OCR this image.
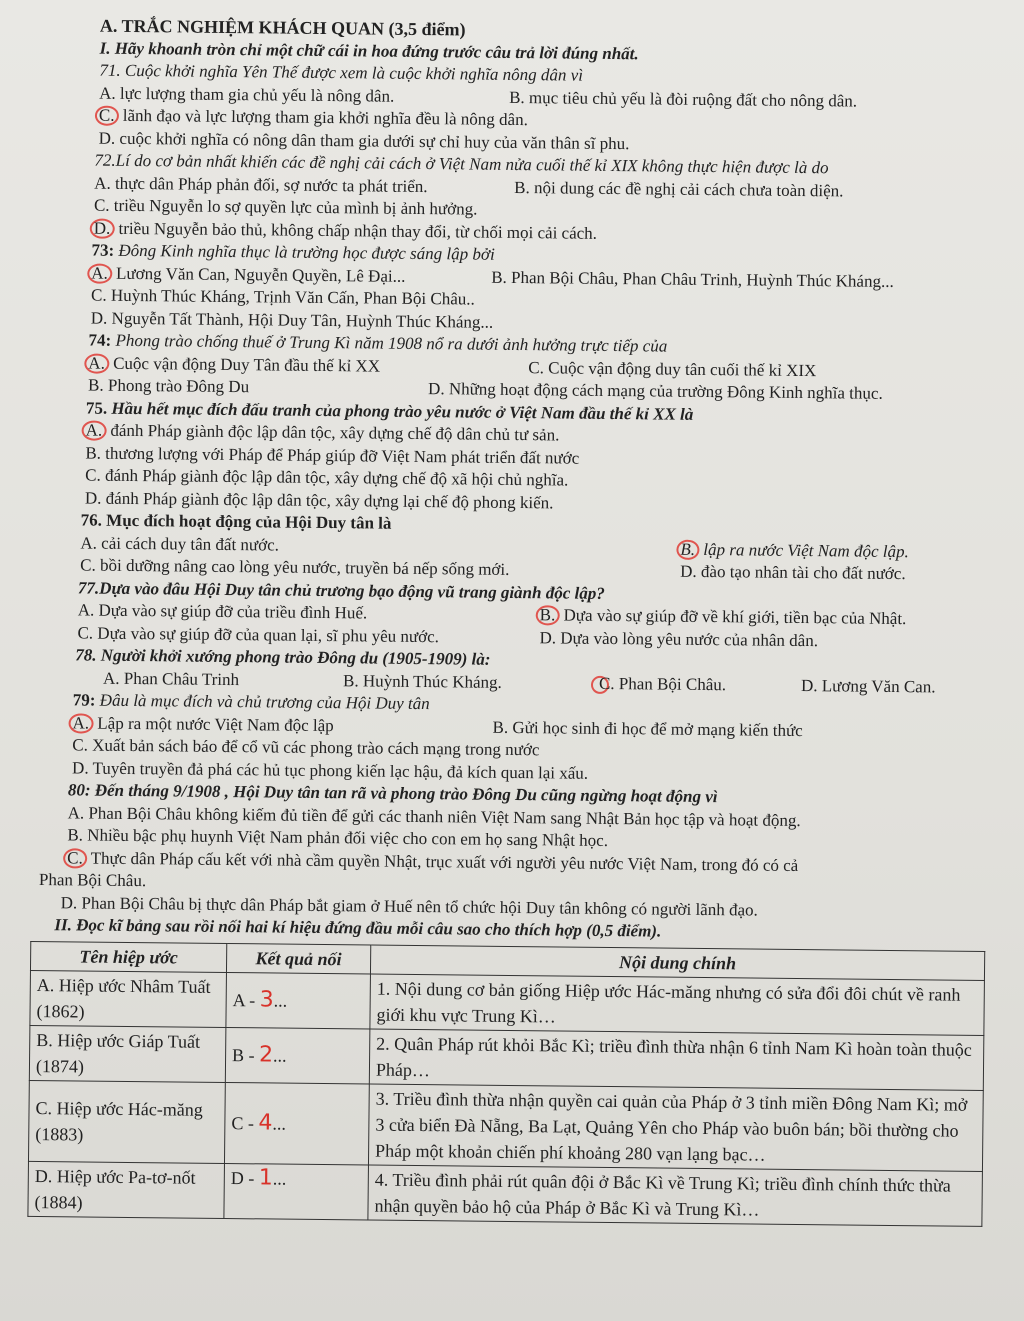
A. TRẮC NGHIỆM KHÁCH QUAN (3,5 điểm)
I. Hãy khoanh tròn chỉ một chữ cái in hoa đứng trước câu trả lời đúng nhất.
71. Cuộc khởi nghĩa Yên Thế được xem là cuộc khởi nghĩa nông dân vì
A. lực lượng tham gia chủ yếu là nông dân.	B. mục tiêu chủ yếu là đòi ruộng đất cho nông dân.
C. lãnh đạo và lực lượng tham gia khởi nghĩa đều là nông dân.
D. cuộc khởi nghĩa có nông dân tham gia dưới sự chỉ huy của văn thân sĩ phu.
72.Lí do cơ bản nhất khiến các đề nghị cải cách ở Việt Nam nửa cuối thế kỉ XIX không thực hiện được là do
A. thực dân Pháp phản đối, sợ nước ta phát triển.	B. nội dung các đề nghị cải cách chưa toàn diện.
C. triều Nguyễn lo sợ quyền lực của mình bị ảnh hưởng.
D. triều Nguyễn bảo thủ, không chấp nhận thay đổi, từ chối mọi cải cách.
73: Đông Kinh nghĩa thục là trường học được sáng lập bởi
A. Lương Văn Can, Nguyễn Quyền, Lê Đại...	B. Phan Bội Châu, Phan Châu Trinh, Huỳnh Thúc Kháng...
C. Huỳnh Thúc Kháng, Trịnh Văn Cấn, Phan Bội Châu..
D. Nguyễn Tất Thành, Hội Duy Tân, Huỳnh Thúc Kháng...
74: Phong trào chống thuế ở Trung Kì năm 1908 nổ ra dưới ảnh hưởng trực tiếp của
A. Cuộc vận động Duy Tân đầu thế kỉ XX	C. Cuộc vận động duy tân cuối thế kỉ XIX
B. Phong trào Đông Du	D. Những hoạt động cách mạng của trường Đông Kinh nghĩa thục.
75. Hầu hết mục đích đấu tranh của phong trào yêu nước ở Việt Nam đầu thế kỉ XX là
A. đánh Pháp giành độc lập dân tộc, xây dựng chế độ dân chủ tư sản.
B. thương lượng với Pháp để Pháp giúp đỡ Việt Nam phát triển đất nước
C. đánh Pháp giành độc lập dân tộc, xây dựng chế độ xã hội chủ nghĩa.
D. đánh Pháp giành độc lập dân tộc, xây dựng lại chế độ phong kiến.
76. Mục đích hoạt động của Hội Duy tân là
A. cải cách duy tân đất nước.	B. lập ra nước Việt Nam độc lập.
C. bồi dưỡng nâng cao lòng yêu nước, truyền bá nếp sống mới.	D. đào tạo nhân tài cho đất nước.
77.Dựa vào đâu Hội Duy tân chủ trương bạo động vũ trang giành độc lập?
A. Dựa vào sự giúp đỡ của triều đình Huế.	B. Dựa vào sự giúp đỡ về khí giới, tiền bạc của Nhật.
C. Dựa vào sự giúp đỡ của quan lại, sĩ phu yêu nước.	D. Dựa vào lòng yêu nước của nhân dân.
78. Người khởi xướng phong trào Đông du (1905-1909) là:
A. Phan Châu Trinh	B. Huỳnh Thúc Kháng.	C. Phan Bội Châu.	D. Lương Văn Can.
79: Đâu là mục đích và chủ trương của Hội Duy tân
A. Lập ra một nước Việt Nam độc lập	B. Gửi học sinh đi học để mở mạng kiến thức
C. Xuất bản sách báo để cổ vũ các phong trào cách mạng trong nước
D. Tuyên truyền đả phá các hủ tục phong kiến lạc hậu, đả kích quan lại xấu.
80: Đến tháng 9/1908 , Hội Duy tân tan rã và phong trào Đông Du cũng ngừng hoạt động vì
A. Phan Bội Châu không kiếm đủ tiền để gửi các thanh niên Việt Nam sang Nhật Bản học tập và hoạt động.
B. Nhiều bậc phụ huynh Việt Nam phản đối việc cho con em họ sang Nhật học.
C. Thực dân Pháp cấu kết với nhà cầm quyền Nhật, trục xuất với người yêu nước Việt Nam, trong đó có cả
Phan Bội Châu.
D. Phan Bội Châu bị thực dân Pháp bắt giam ở Huế nên tổ chức hội Duy tân không có người lãnh đạo.
II. Đọc kĩ bảng sau rồi nối hai kí hiệu đứng đầu mỗi câu sao cho thích hợp (0,5 điểm).
Tên hiệp ước	Kết quả nối	Nội dung chính
A. Hiệp ước Nhâm Tuất (1862)	A - 3...	1. Nội dung cơ bản giống Hiệp ước Hác-măng nhưng có sửa đổi đôi chút về ranh giới khu vực Trung Kì…
B. Hiệp ước Giáp Tuất (1874)	B - 2...	2. Quân Pháp rút khỏi Bắc Kì; triều đình thừa nhận 6 tỉnh Nam Kì hoàn toàn thuộc Pháp…
C. Hiệp ước Hác-măng (1883)	C - 4...	3. Triều đình thừa nhận quyền cai quản của Pháp ở 3 tỉnh miền Đông Nam Kì; mở 3 cửa biển Đà Nẵng, Ba Lạt, Quảng Yên cho Pháp vào buôn bán; bồi thường cho Pháp một khoản chiến phí khoảng 280 vạn lạng bạc…
D. Hiệp ước Pa-tơ-nốt (1884)	D - 1...	4. Triều đình phải rút quân đội ở Bắc Kì về Trung Kì; triều đình chính thức thừa nhận quyền bảo hộ của Pháp ở Bắc Kì và Trung Kì…
